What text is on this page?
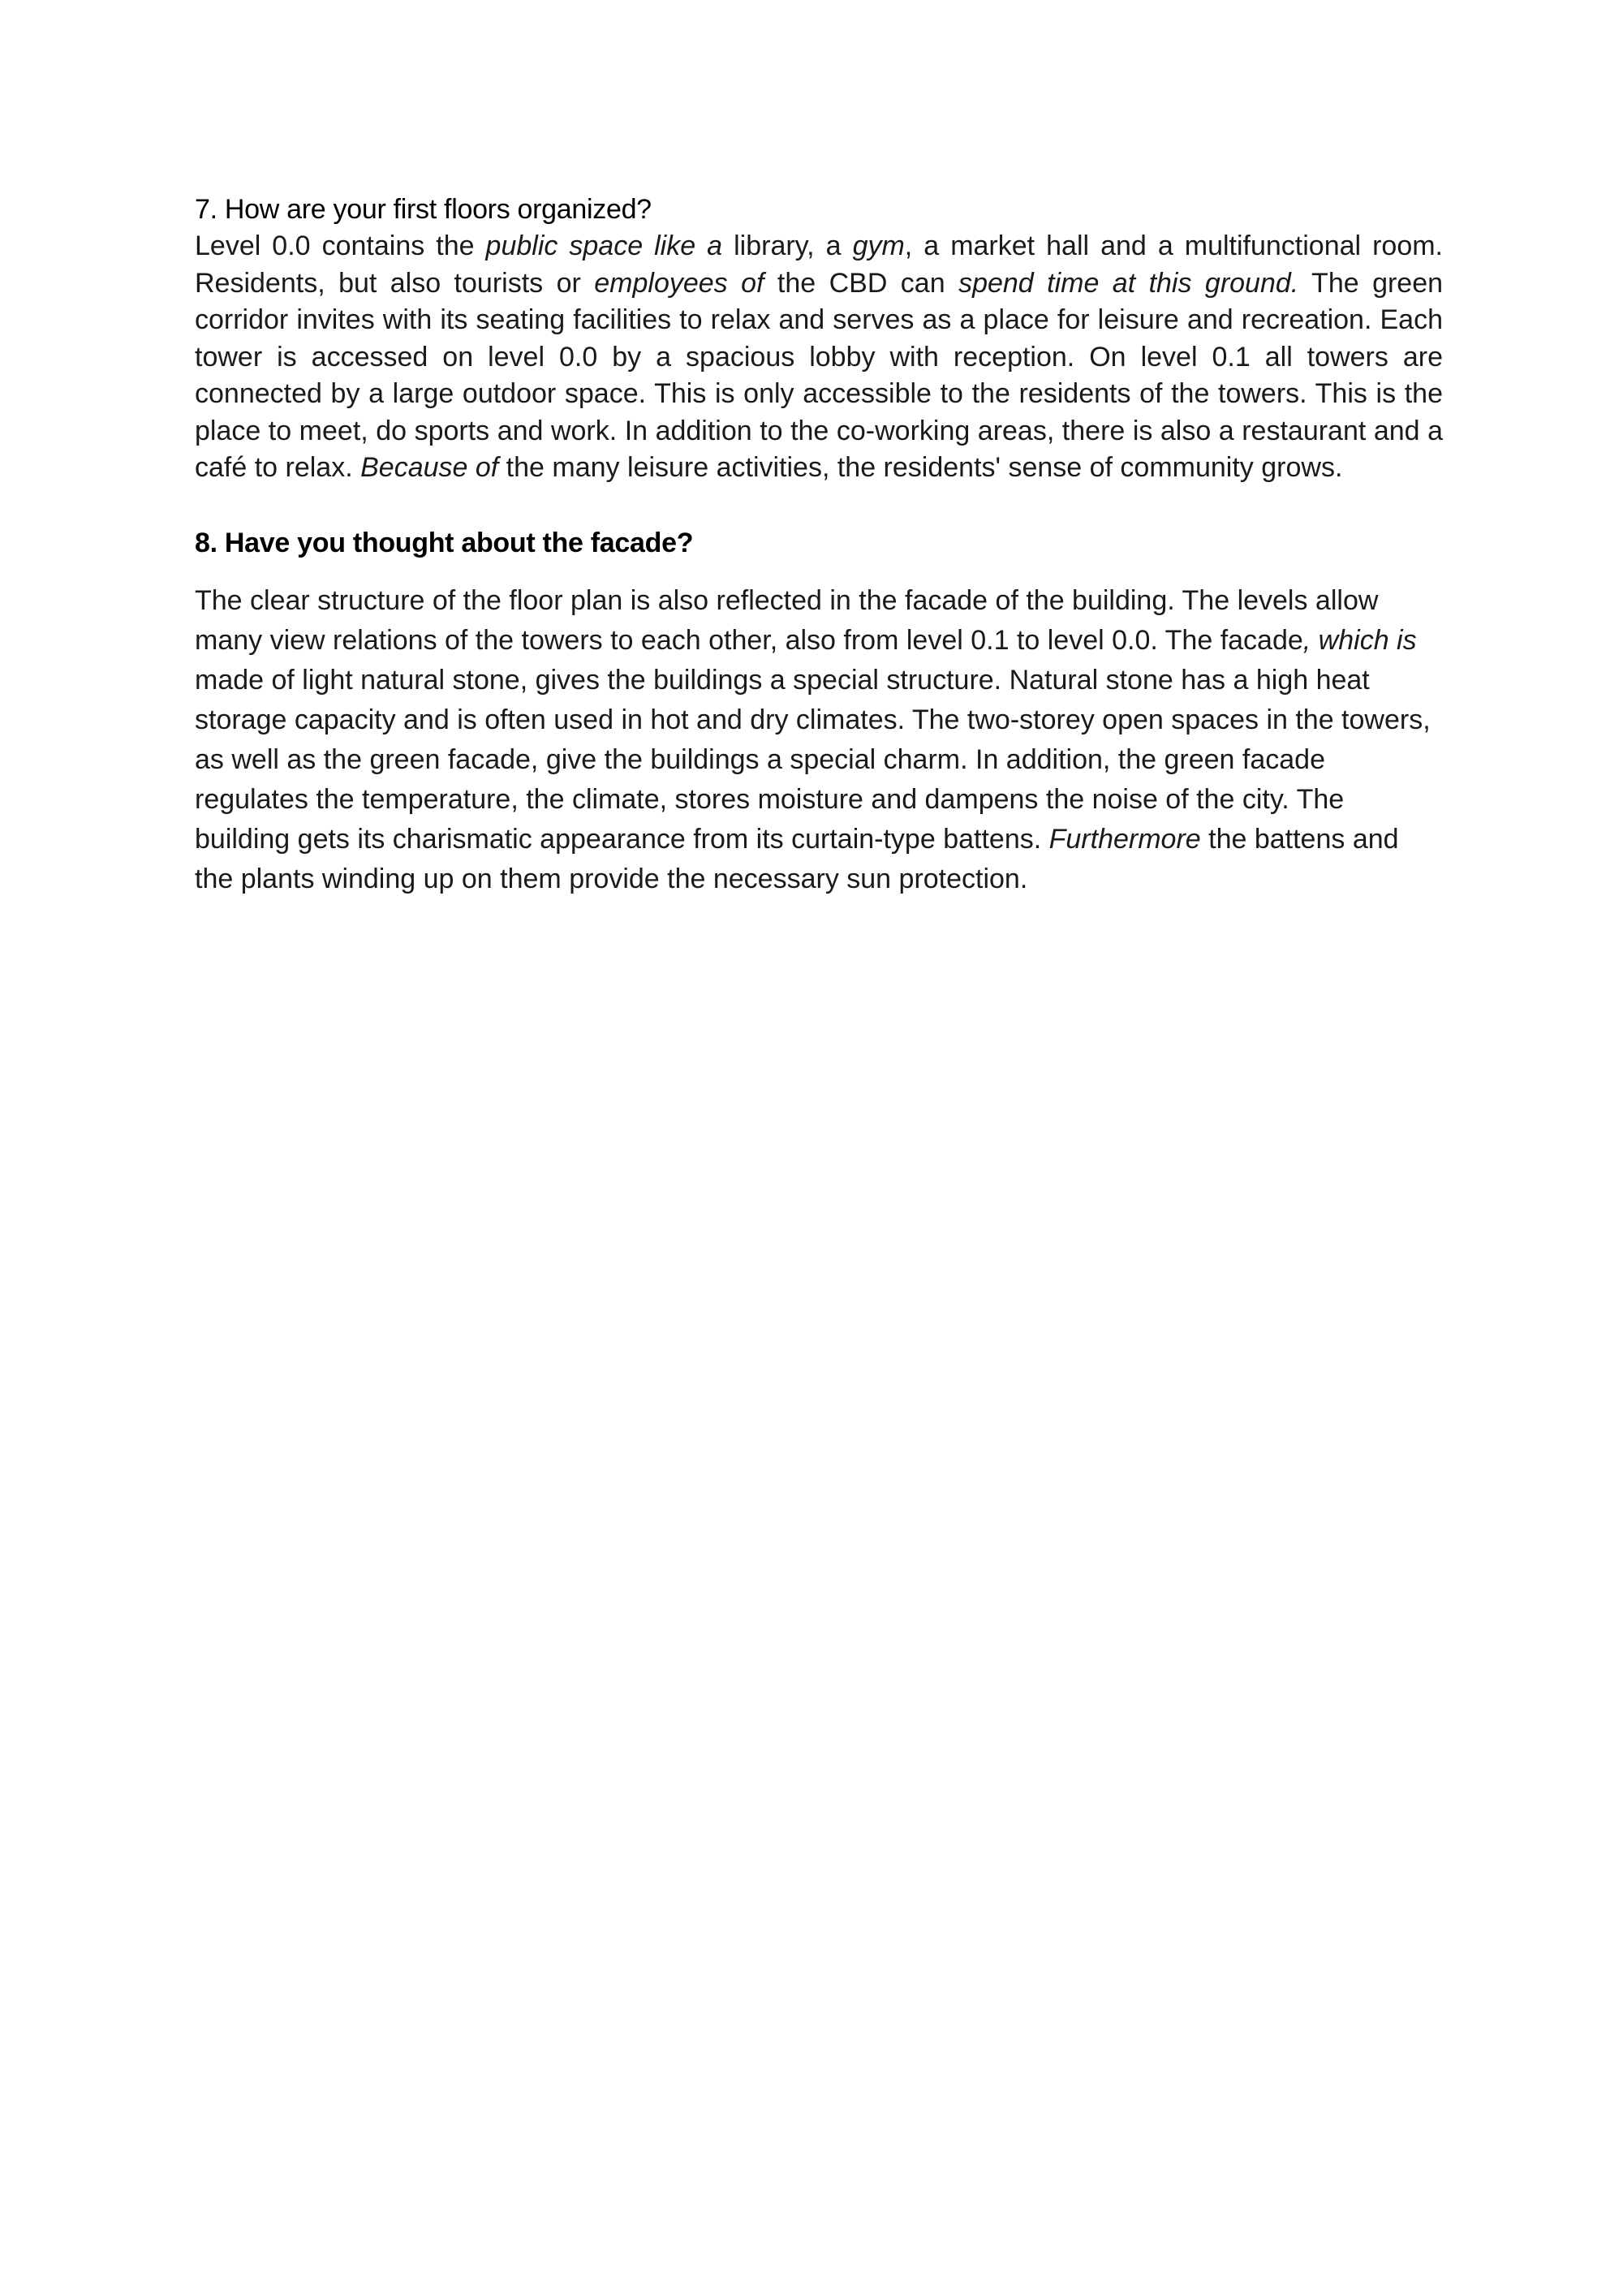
7. How are your first floors organized?

Level 0.0 contains the public space like a library, a gym, a market hall and a multifunctional room. Residents, but also tourists or employees of the CBD can spend time at this ground. The green corridor invites with its seating facilities to relax and serves as a place for leisure and recreation. Each tower is accessed on level 0.0 by a spacious lobby with reception. On level 0.1 all towers are connected by a large outdoor space. This is only accessible to the residents of the towers. This is the place to meet, do sports and work. In addition to the co-working areas, there is also a restaurant and a café to relax. Because of the many leisure activities, the residents' sense of community grows.

8. Have you thought about the facade?

The clear structure of the floor plan is also reflected in the facade of the building. The levels allow many view relations of the towers to each other, also from level 0.1 to level 0.0. The facade, which is made of light natural stone, gives the buildings a special structure. Natural stone has a high heat storage capacity and is often used in hot and dry climates. The two-storey open spaces in the towers, as well as the green facade, give the buildings a special charm. In addition, the green facade regulates the temperature, the climate, stores moisture and dampens the noise of the city. The building gets its charismatic appearance from its curtain-type battens. Furthermore the battens and the plants winding up on them provide the necessary sun protection.
